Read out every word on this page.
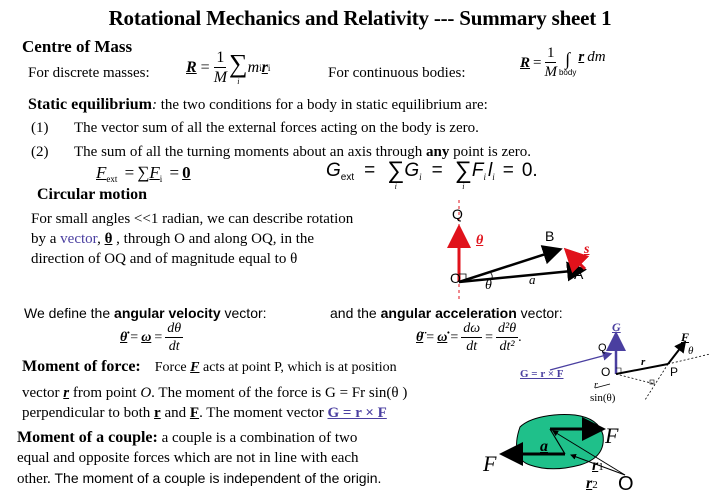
Rotational Mechanics and Relativity --- Summary sheet 1
Centre of Mass
For discrete masses: $R = \frac{1}{M}$ ∑
i
m i r i	For continuous bodies:
$R = \frac{1}{M}$ ∫
body
r dm
Static equilibrium: the two conditions for a body in static equilibrium are:
(1) The vector sum of all the external forces acting on the body is zero.
(2) The sum of all the turning moments about an axis through any point is zero.
$F_{ext} = \sum F_i = 0$	G ext = ∑
i
G i = ∑
i
F i l i = 0.
Circular motion
For small angles <<1 radian, we can describe rotation
by a vector, θ , through O and along OQ, in the
direction of OQ and of magnitude equal to θ
Q
O
B
A
θ
s
a
θ
We define the angular velocity vector:	and the angular acceleration vector:
θ̇ = $\omega = \frac{d\theta}{dt}$	θ̈ = ω̇ = $\frac{d\omega}{dt} = \frac{\text{d²θ}}{\text{dt²}}$ .
Moment of force: Force F acts at point P, which is at position
vector r from point O. The moment of the force is G = Fr sin(θ )
perpendicular to both r and F. The moment vector G = r × F
G
Q
O	P
F
r
θ
G = r × F
r
sin(θ)
Moment of a couple: a couple is a combination of two
equal and opposite forces which are not in line with each
other. The moment of a couple is independent of the origin.
F
F
a
r1
r2 O
